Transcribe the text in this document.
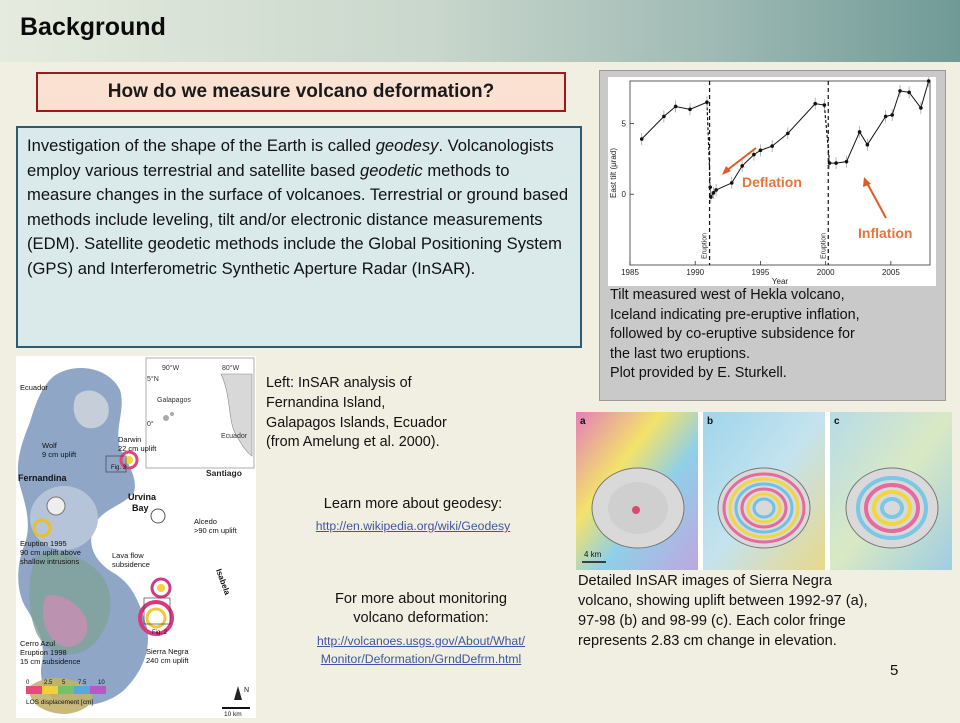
Background
How do we measure volcano deformation?
Investigation of the shape of the Earth is called geodesy. Volcanologists employ various terrestrial and satellite based geodetic methods to measure changes in the surface of volcanoes. Terrestrial or ground based methods include leveling, tilt and/or electronic distance measurements (EDM). Satellite geodetic methods include the Global Positioning System (GPS) and Interferometric Synthetic Aperture Radar (InSAR).	1985	1990	1995	2000	2005
0
5
Year
East tilt (μrad)
Eruption	Eruption
Deflation
Inflation
Tilt measured west of Hekla volcano,
Iceland indicating pre-eruptive inflation,
followed by co-eruptive subsidence for
the last two eruptions.
Plot provided by E. Sturkell.
90°W	80°W
5°N
Galapagos
0°
Ecuador
Santiago
Ecuador
Wolf
9 cm uplift
Darwin
22 cm uplift
Fig. 3
Fernandina
Urvina
Bay
Alcedo
>90 cm uplift
Eruption 1995
90 cm uplift above
shallow intrusions
Lava flow
subsidence
Isabela
Fig. 2
Cerro Azul
Eruption 1998
15 cm subsidence
Sierra Negra
240 cm uplift
0 2.5 5 7.5 10
LOS displacement [cm]
N
10 km
Left: InSAR analysis of
Fernandina Island,
Galapagos Islands, Ecuador
(from Amelung et al. 2000).
Learn more about geodesy:
http://en.wikipedia.org/wiki/Geodesy
For more about monitoring
volcano deformation:
http://volcanoes.usgs.gov/About/What/
Monitor/Deformation/GrndDefrm.html
a	b	c
4 km
Detailed InSAR images of Sierra Negra
volcano, showing uplift between 1992-97 (a),
97-98 (b) and 98-99 (c). Each color fringe
represents 2.83 cm change in elevation.
5
